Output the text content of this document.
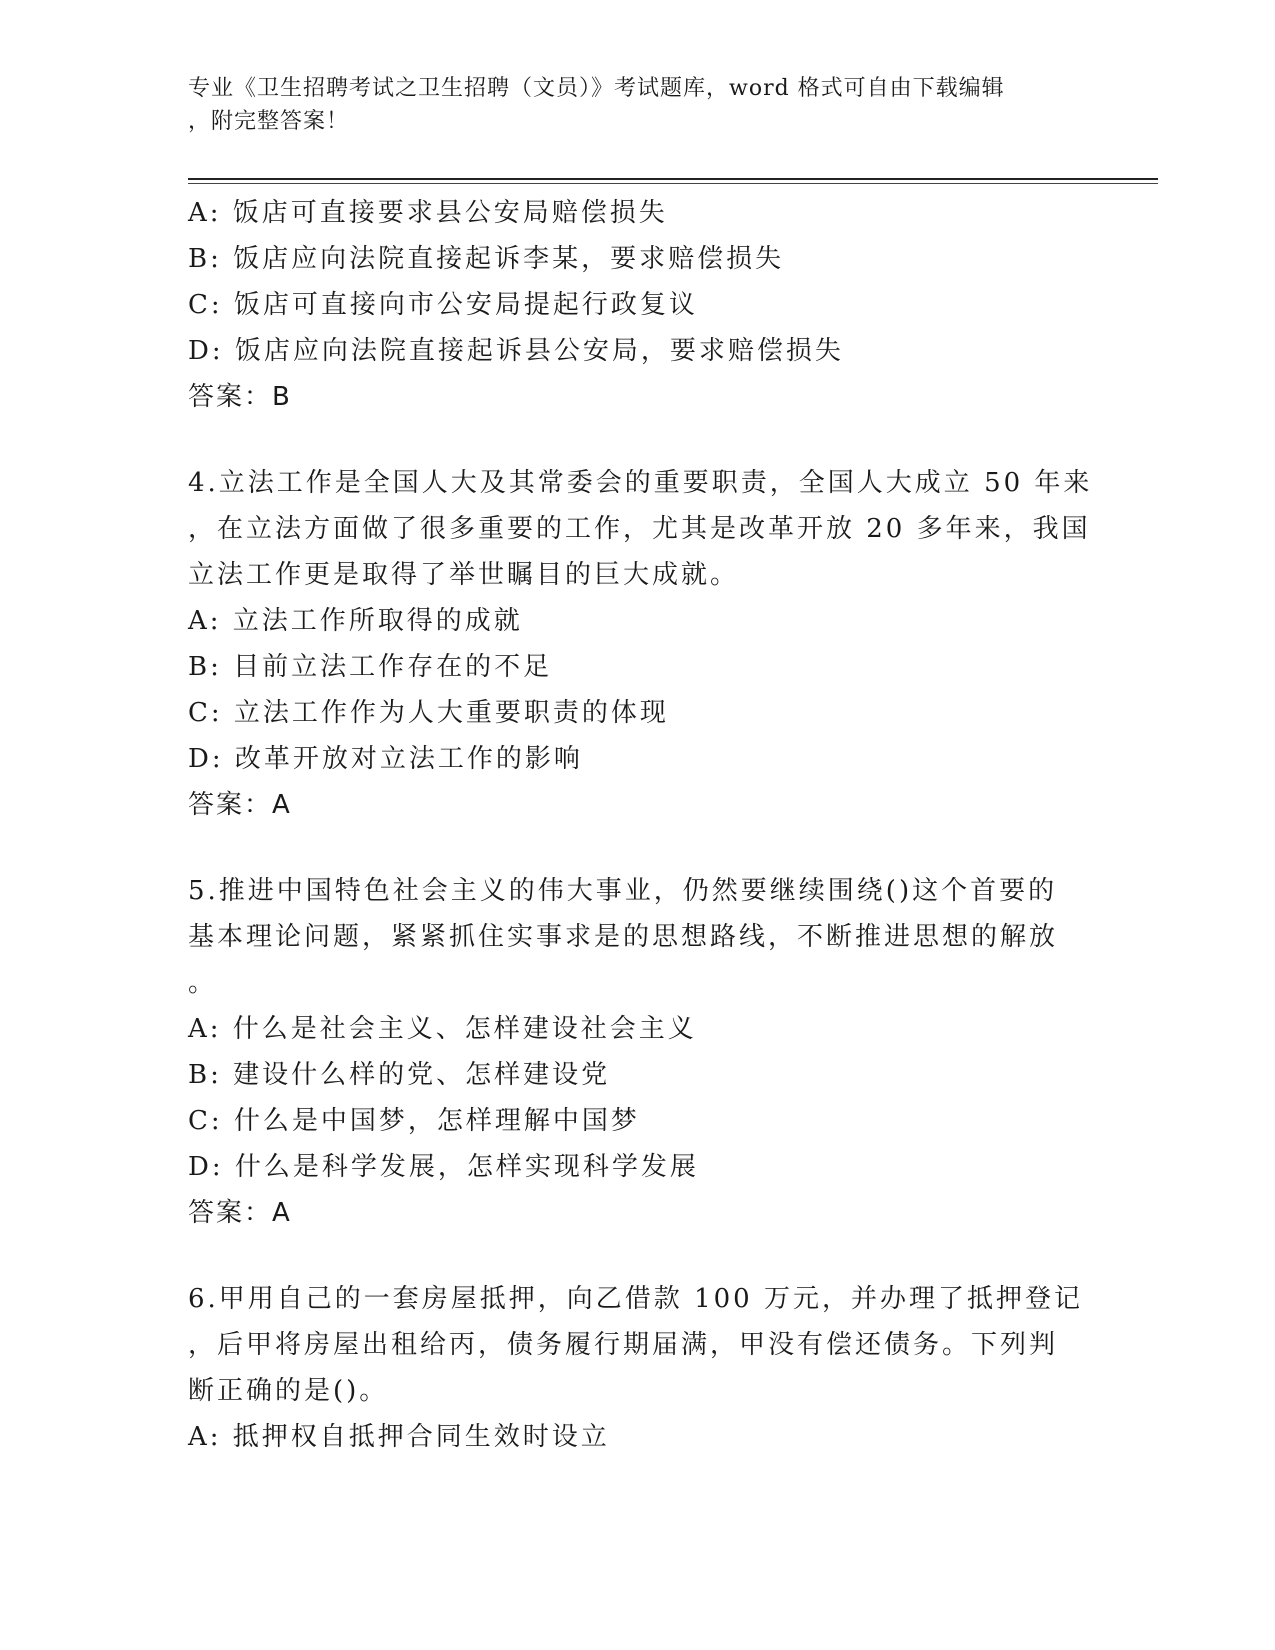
专业《卫生招聘考试之卫生招聘（文员）》考试题库，word 格式可自由下载编辑
，附完整答案！
A: 饭店可直接要求县公安局赔偿损失
B: 饭店应向法院直接起诉李某，要求赔偿损失
C: 饭店可直接向市公安局提起行政复议
D: 饭店应向法院直接起诉县公安局，要求赔偿损失
答案：B
4.立法工作是全国人大及其常委会的重要职责，全国人大成立 50 年来
，在立法方面做了很多重要的工作，尤其是改革开放 20 多年来，我国
立法工作更是取得了举世瞩目的巨大成就。
A: 立法工作所取得的成就
B: 目前立法工作存在的不足
C: 立法工作作为人大重要职责的体现
D: 改革开放对立法工作的影响
答案：A
5.推进中国特色社会主义的伟大事业，仍然要继续围绕()这个首要的
基本理论问题，紧紧抓住实事求是的思想路线，不断推进思想的解放
。
A: 什么是社会主义、怎样建设社会主义
B: 建设什么样的党、怎样建设党
C: 什么是中国梦，怎样理解中国梦
D: 什么是科学发展，怎样实现科学发展
答案：A
6.甲用自己的一套房屋抵押，向乙借款 100 万元，并办理了抵押登记
，后甲将房屋出租给丙，债务履行期届满，甲没有偿还债务。下列判
断正确的是()。
A: 抵押权自抵押合同生效时设立
